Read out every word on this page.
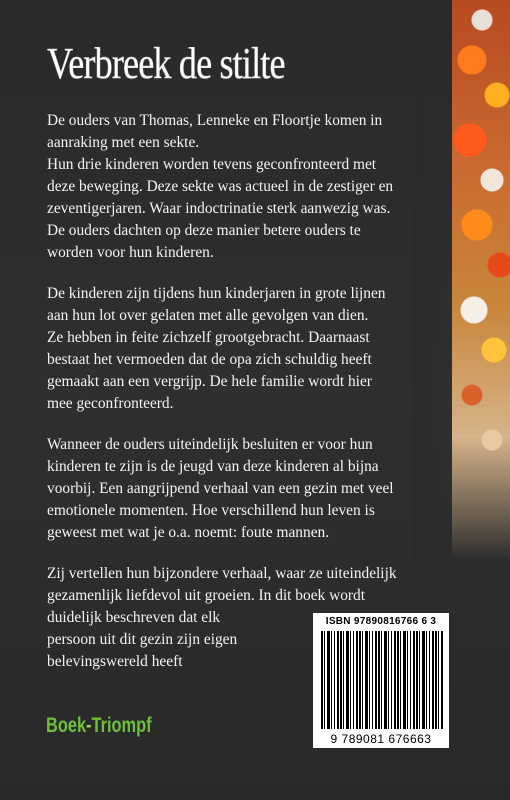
Verbreek de stilte

De ouders van Thomas, Lenneke en Floortje komen in
aanraking met een sekte.
Hun drie kinderen worden tevens geconfronteerd met
deze beweging. Deze sekte was actueel in de zestiger en
zeventigerjaren. Waar indoctrinatie sterk aanwezig was.
De ouders dachten op deze manier betere ouders te
worden voor hun kinderen.

De kinderen zijn tijdens hun kinderjaren in grote lijnen
aan hun lot over gelaten met alle gevolgen van dien.
Ze hebben in feite zichzelf grootgebracht. Daarnaast
bestaat het vermoeden dat de opa zich schuldig heeft
gemaakt aan een vergrijp. De hele familie wordt hier
mee geconfronteerd.

Wanneer de ouders uiteindelijk besluiten er voor hun
kinderen te zijn is de jeugd van deze kinderen al bijna
voorbij. Een aangrijpend verhaal van een gezin met veel
emotionele momenten. Hoe verschillend hun leven is
geweest met wat je o.a. noemt: foute mannen.

Zij vertellen hun bijzondere verhaal, waar ze uiteindelijk
gezamenlijk liefdevol uit groeien. In dit boek wordt
duidelijk beschreven dat elk
persoon uit dit gezin zijn eigen
belevingswereld heeft

ISBN 97890816766 6 3
9 789081 676663
Boek-Triompf
